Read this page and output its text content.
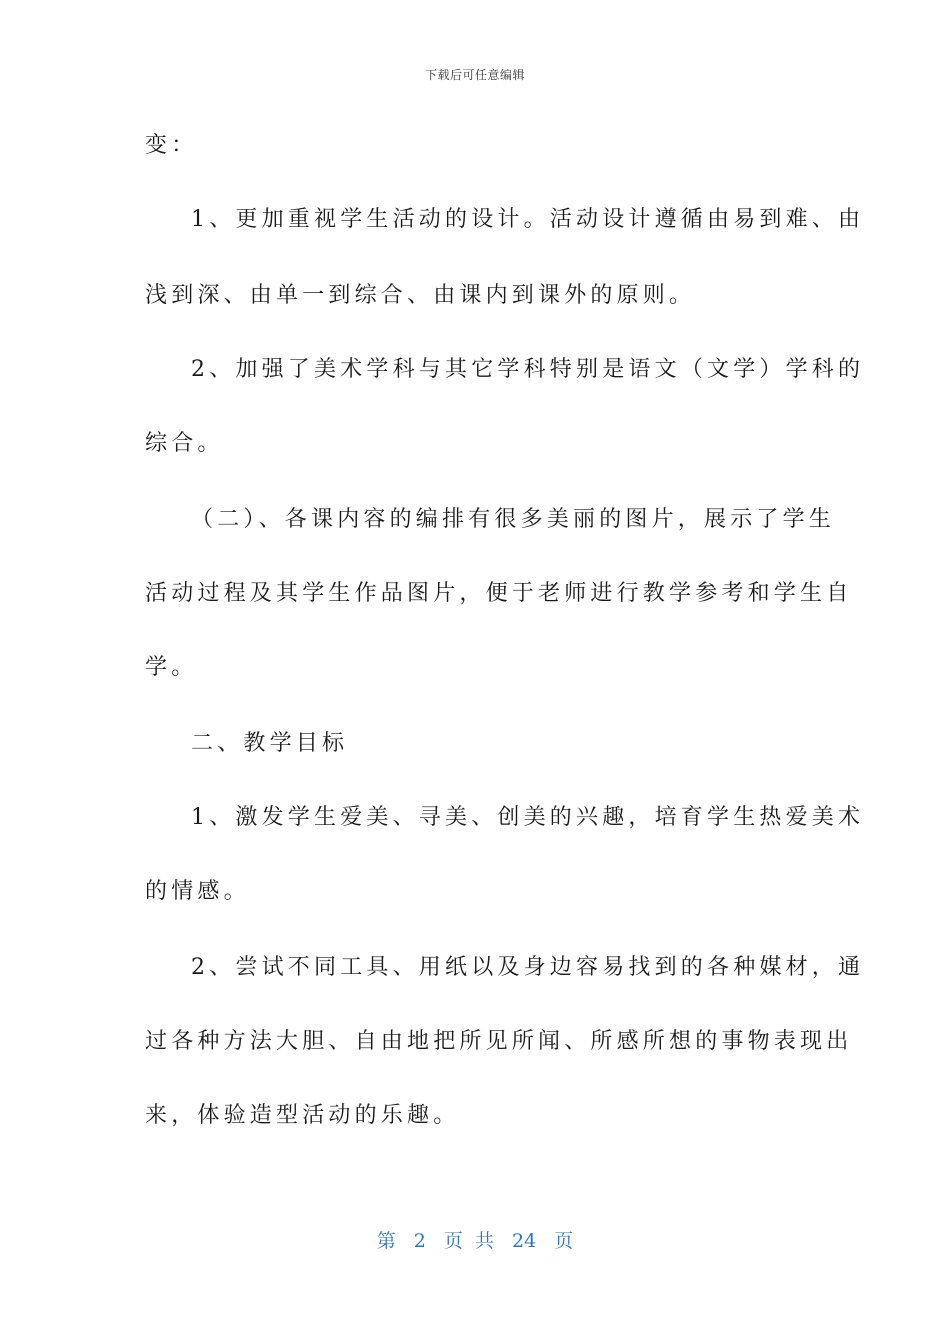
下载后可任意编辑
变：
1、更加重视学生活动的设计。活动设计遵循由易到难、由
浅到深、由单一到综合、由课内到课外的原则。
2、加强了美术学科与其它学科特别是语文（文学）学科的
综合。
（二）、各课内容的编排有很多美丽的图片，展示了学生
活动过程及其学生作品图片，便于老师进行教学参考和学生自
学。
二、教学目标
1、激发学生爱美、寻美、创美的兴趣，培育学生热爱美术
的情感。
2、尝试不同工具、用纸以及身边容易找到的各种媒材，通
过各种方法大胆、自由地把所见所闻、所感所想的事物表现出
来，体验造型活动的乐趣。
第 2 页 共 24 页
